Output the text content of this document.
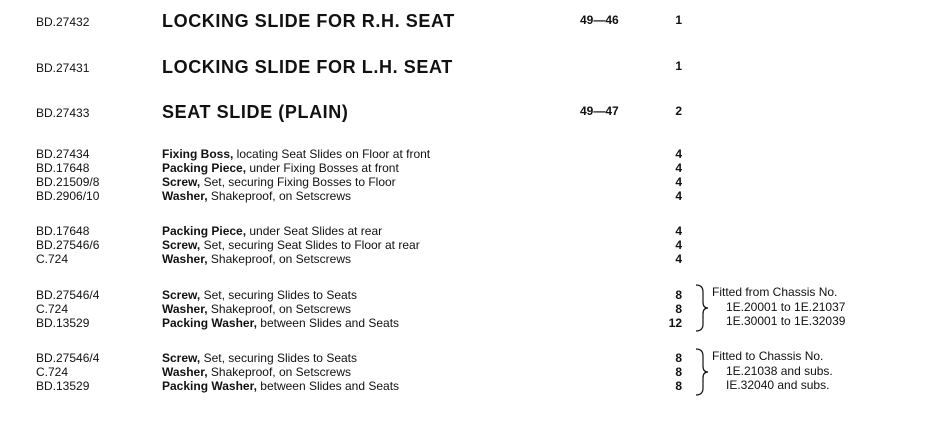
BD.27432	LOCKING SLIDE FOR R.H. SEAT	49—46	1
BD.27431	LOCKING SLIDE FOR L.H. SEAT	1
BD.27433	SEAT SLIDE (PLAIN)	49—47	2
BD.27434	Fixing Boss, locating Seat Slides on Floor at front	4
BD.17648	Packing Piece, under Fixing Bosses at front	4
BD.21509/8	Screw, Set, securing Fixing Bosses to Floor	4
BD.2906/10	Washer, Shakeproof, on Setscrews	4
BD.17648	Packing Piece, under Seat Slides at rear	4
BD.27546/6	Screw, Set, securing Seat Slides to Floor at rear	4
C.724	Washer, Shakeproof, on Setscrews	4
BD.27546/4	Screw, Set, securing Slides to Seats	8
C.724	Washer, Shakeproof, on Setscrews	8
BD.13529	Packing Washer, between Slides and Seats	12
Fitted from Chassis No.
1E.20001 to 1E.21037
1E.30001 to 1E.32039
BD.27546/4	Screw, Set, securing Slides to Seats	8
C.724	Washer, Shakeproof, on Setscrews	8
BD.13529	Packing Washer, between Slides and Seats	8
Fitted to Chassis No.
1E.21038 and subs.
IE.32040 and subs.
